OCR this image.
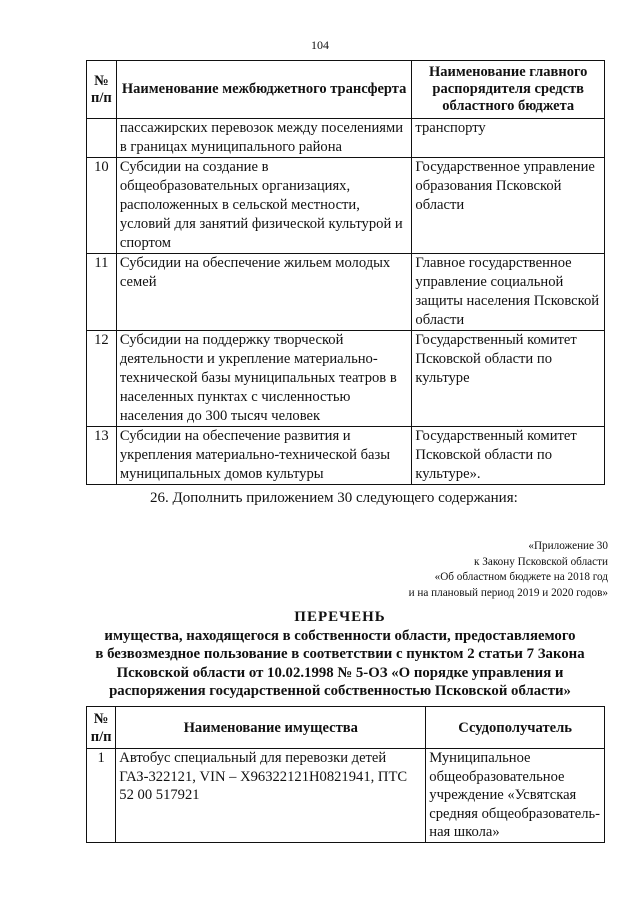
104
№
п/п	Наименование межбюджетного трансферта	Наименование главного распорядителя средств областного бюджета
	пассажирских перевозок между поселениями в границах муниципального района	транспорту
10	Субсидии на создание в общеобразовательных организациях, расположенных в сельской местности, условий для занятий физической культурой и спортом	Государственное управление образования Псковской области
11	Субсидии на обеспечение жильем молодых семей	Главное государственное управление социальной защиты населения Псковской области
12	Субсидии на поддержку творческой деятельности и укрепление материально-технической базы муниципальных театров в населенных пунктах с численностью населения до 300 тысяч человек	Государственный комитет Псковской области по культуре
13	Субсидии на обеспечение развития и укрепления материально-технической базы муниципальных домов культуры	Государственный комитет Псковской области по культуре».
26. Дополнить приложением 30 следующего содержания:
«Приложение 30
к Закону Псковской области
«Об областном бюджете на 2018 год
и на плановый период 2019 и 2020 годов»
ПЕРЕЧЕНЬ
имущества, находящегося в собственности области, предоставляемого
в безвозмездное пользование в соответствии с пунктом 2 статьи 7 Закона
Псковской области от 10.02.1998 № 5-ОЗ «О порядке управления и
распоряжения государственной собственностью Псковской области»
№
п/п	Наименование имущества	Ссудополучатель
1	Автобус специальный для перевозки детей ГАЗ-322121, VIN – Х96322121Н0821941, ПТС 52 00 517921	Муниципальное общеобразовательное учреждение «Усвятская средняя общеобразователь-ная школа»
